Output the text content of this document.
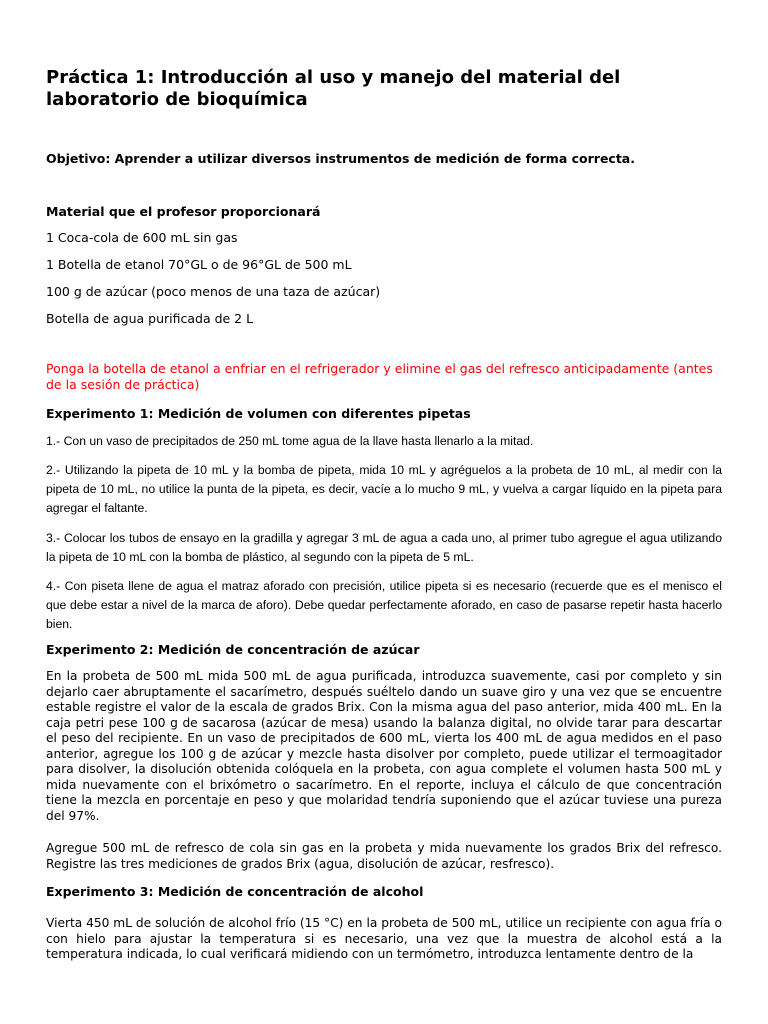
Práctica 1: Introducción al uso y manejo del material del laboratorio de bioquímica

Objetivo: Aprender a utilizar diversos instrumentos de medición de forma correcta.

Material que el profesor proporcionará

1 Coca-cola de 600 mL sin gas
1 Botella de etanol 70°GL o de 96°GL de 500 mL
100 g de azúcar (poco menos de una taza de azúcar)
Botella de agua purificada de 2 L

Ponga la botella de etanol a enfriar en el refrigerador y elimine el gas del refresco anticipadamente (antes de la sesión de práctica)

Experimento 1: Medición de volumen con diferentes pipetas

1.- Con un vaso de precipitados de 250 mL tome agua de la llave hasta llenarlo a la mitad.

2.- Utilizando la pipeta de 10 mL y la bomba de pipeta, mida 10 mL y agréguelos a la probeta de 10 mL, al medir con la pipeta de 10 mL, no utilice la punta de la pipeta, es decir, vacíe a lo mucho 9 mL, y vuelva a cargar líquido en la pipeta para agregar el faltante.

3.- Colocar los tubos de ensayo en la gradilla y agregar 3 mL de agua a cada uno, al primer tubo agregue el agua utilizando la pipeta de 10 mL con la bomba de plástico, al segundo con la pipeta de 5 mL.

4.- Con piseta llene de agua el matraz aforado con precisión, utilice pipeta si es necesario (recuerde que es el menisco el que debe estar a nivel de la marca de aforo). Debe quedar perfectamente aforado, en caso de pasarse repetir hasta hacerlo bien.

Experimento 2: Medición de concentración de azúcar

En la probeta de 500 mL mida 500 mL de agua purificada, introduzca suavemente, casi por completo y sin dejarlo caer abruptamente el sacarímetro, después suéltelo dando un suave giro y una vez que se encuentre estable registre el valor de la escala de grados Brix. Con la misma agua del paso anterior, mida 400 mL. En la caja petri pese 100 g de sacarosa (azúcar de mesa) usando la balanza digital, no olvide tarar para descartar el peso del recipiente. En un vaso de precipitados de 600 mL, vierta los 400 mL de agua medidos en el paso anterior, agregue los 100 g de azúcar y mezcle hasta disolver por completo, puede utilizar el termoagitador para disolver, la disolución obtenida colóquela en la probeta, con agua complete el volumen hasta 500 mL y mida nuevamente con el brixómetro o sacarímetro. En el reporte, incluya el cálculo de que concentración tiene la mezcla en porcentaje en peso y que molaridad tendría suponiendo que el azúcar tuviese una pureza del 97%.

Agregue 500 mL de refresco de cola sin gas en la probeta y mida nuevamente los grados Brix del refresco. Registre las tres mediciones de grados Brix (agua, disolución de azúcar, resfresco).

Experimento 3: Medición de concentración de alcohol

Vierta 450 mL de solución de alcohol frío (15 °C) en la probeta de 500 mL, utilice un recipiente con agua fría o con hielo para ajustar la temperatura si es necesario, una vez que la muestra de alcohol está a la temperatura indicada, lo cual verificará midiendo con un termómetro, introduzca lentamente dentro de la
